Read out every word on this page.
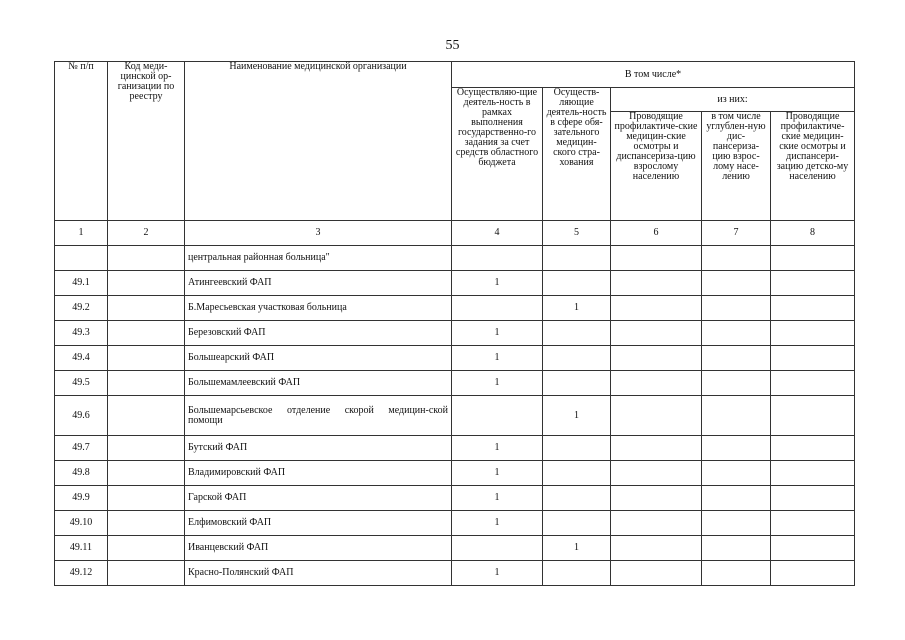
55
№ п/п	Код меди-цинской ор-ганизации по реестру	Наименование медицинской организации	В том числе*				
			Осуществляю-щие деятель-ность в рамках выполнения государственно-го задания за счет средств областного бюджета	Осуществ-ляющие деятель-ность в сфере обя-зательного медицин-ского стра-хования	из них:		
					Проводящие профилактиче-ские медицин-ские осмотры и диспансериза-цию взрослому населению	в том числе углублен-ную дис-пансериза-цию взрос-лому насе-лению	Проводящие профилактиче-ские медицин-ские осмотры и диспансери-зацию детско-му населению
1	2	3	4	5	6	7	8
		центральная районная больница"					
49.1		Атингеевский ФАП	1				
49.2		Б.Маресьевская участковая больница		1			
49.3		Березовский ФАП	1				
49.4		Большеарский ФАП	1				
49.5		Большемамлеевский ФАП	1				
49.6		Большемарсьевское отделение скорой медицин-ской помощи		1			
49.7		Бутский ФАП	1				
49.8		Владимировский ФАП	1				
49.9		Гарской ФАП	1				
49.10		Елфимовский ФАП	1				
49.11		Иванцевский ФАП		1			
49.12		Красно-Полянский ФАП	1				
